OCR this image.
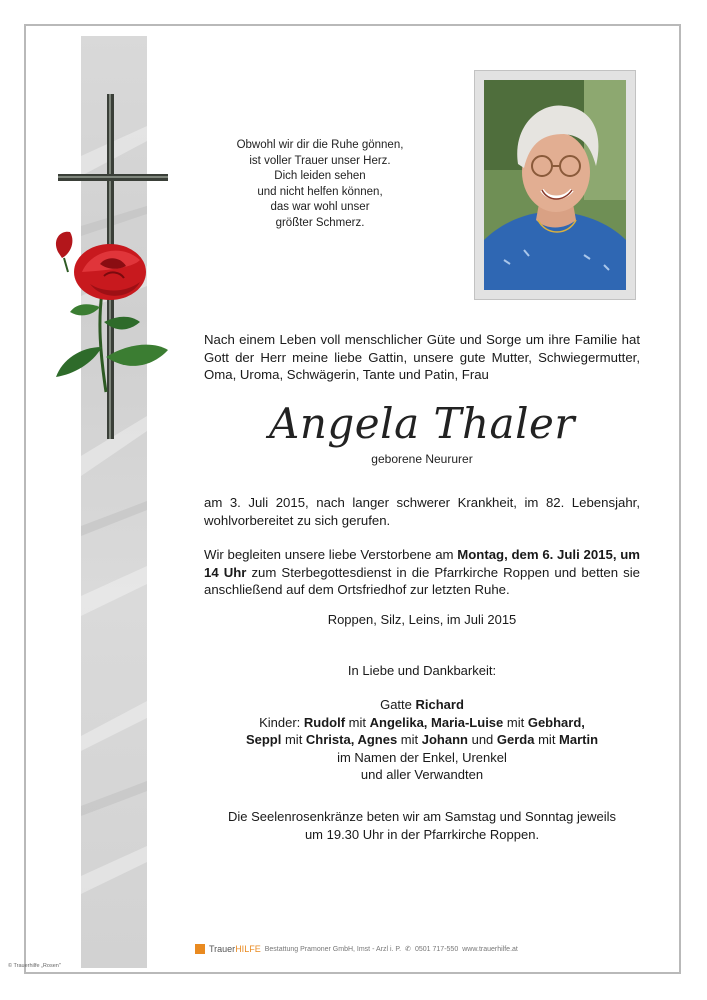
Obwohl wir dir die Ruhe gönnen,
ist voller Trauer unser Herz.
Dich leiden sehen
und nicht helfen können,
das war wohl unser
größter Schmerz.
Nach einem Leben voll menschlicher Güte und Sorge um ihre Familie hat Gott der Herr meine liebe Gattin, unsere gute Mutter, Schwiegermutter, Oma, Uroma, Schwägerin, Tante und Patin, Frau
Angela Thaler
geborene Neururer
am 3. Juli 2015, nach langer schwerer Krankheit, im 82. Lebensjahr, wohlvorbereitet zu sich gerufen.
Wir begleiten unsere liebe Verstorbene am Montag, dem 6. Juli 2015, um 14 Uhr zum Sterbegottesdienst in die Pfarrkirche Roppen und betten sie anschließend auf dem Ortsfriedhof zur letzten Ruhe.
Roppen, Silz, Leins, im Juli 2015
In Liebe und Dankbarkeit:
Gatte Richard
Kinder: Rudolf mit Angelika, Maria-Luise mit Gebhard,
Seppl mit Christa, Agnes mit Johann und Gerda mit Martin
im Namen der Enkel, Urenkel
und aller Verwandten
Die Seelenrosenkränze beten wir am Samstag und Sonntag jeweils
um 19.30 Uhr in der Pfarrkirche Roppen.
TrauerHILFE Bestattung Pramoner GmbH, Imst - Arzl i. P. ✆ 0501 717-550 www.trauerhilfe.at
© Trauerhilfe „Rosen"
